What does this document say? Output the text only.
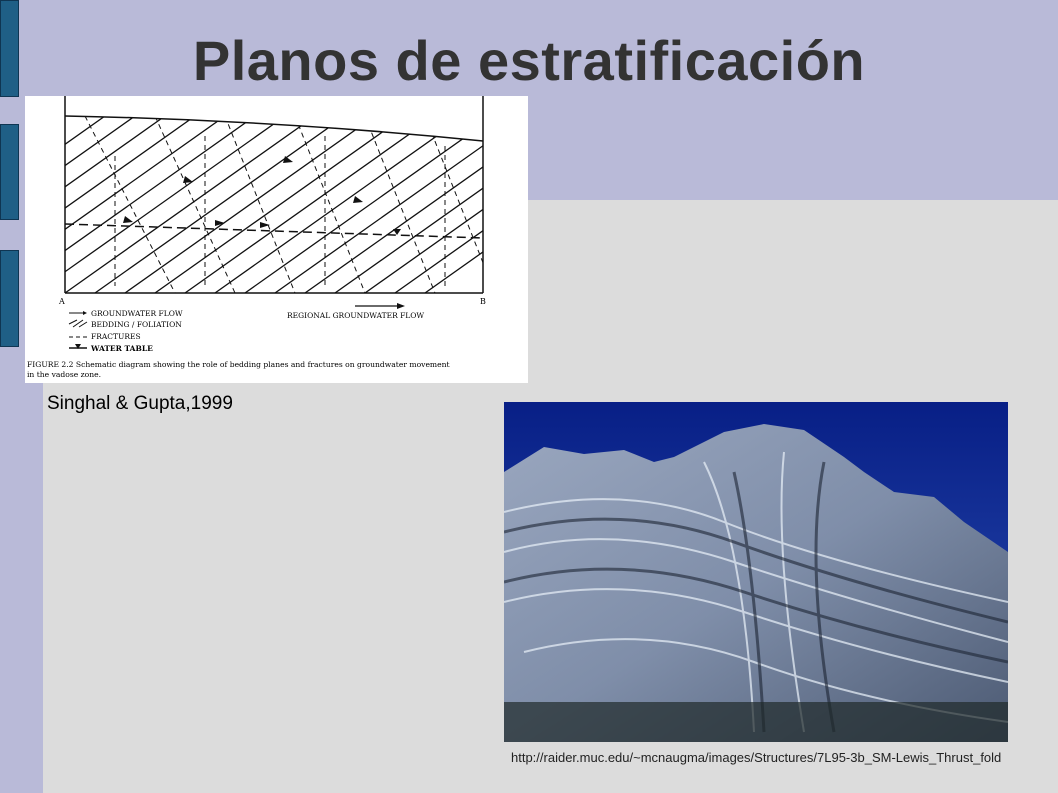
Planos de estratificación
A	B
GROUNDWATER FLOW
BEDDING / FOLIATION
FRACTURES
WATER TABLE
REGIONAL GROUNDWATER FLOW
FIGURE 2.2 Schematic diagram showing the role of bedding planes and fractures on groundwater movement
in the vadose zone.
Singhal & Gupta,1999
http://raider.muc.edu/~mcnaugma/images/Structures/7L95-3b_SM-Lewis_Thrust_fold
